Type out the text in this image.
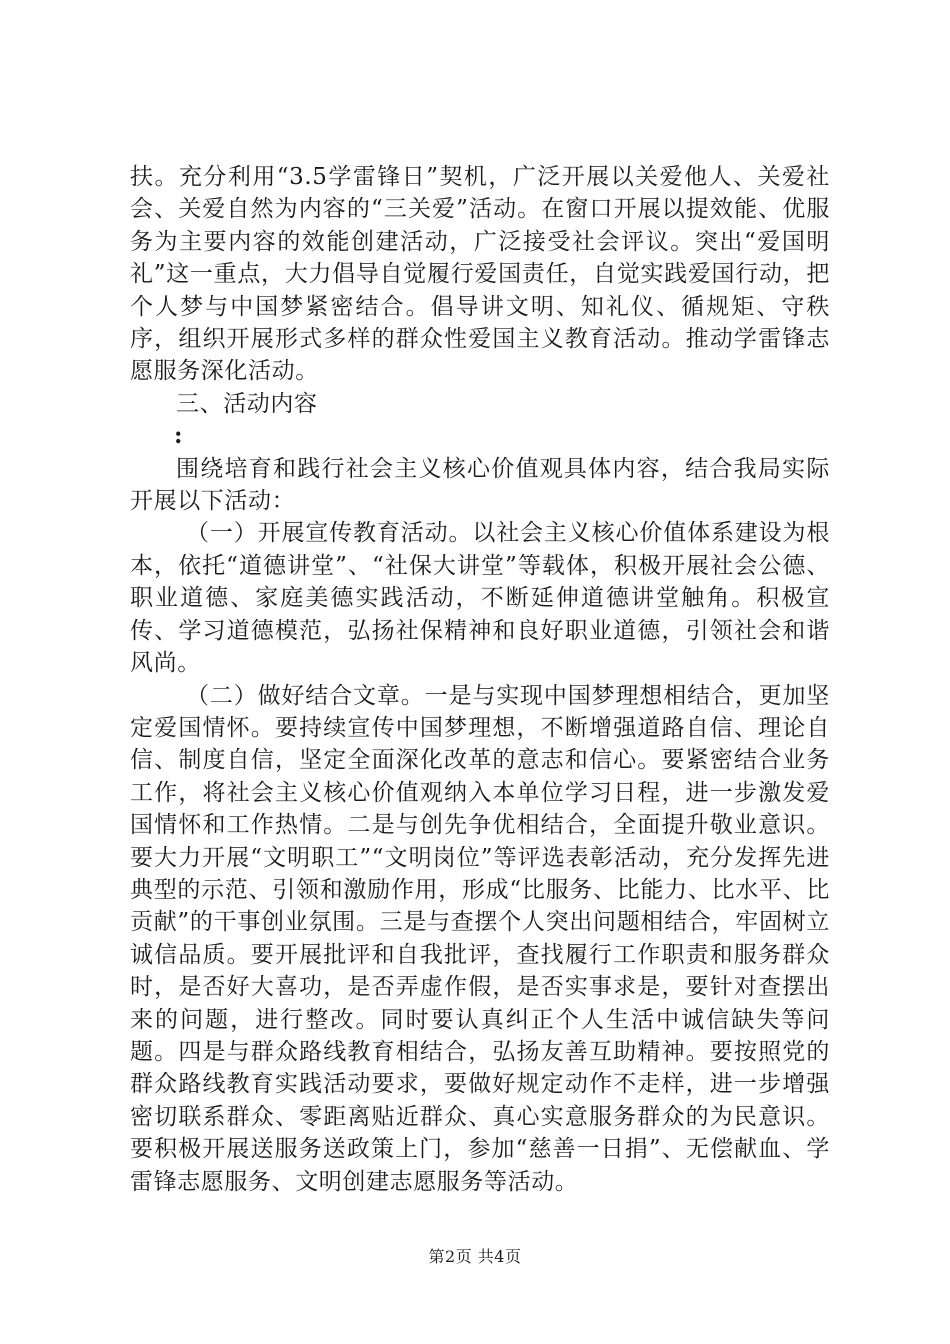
扶。充分利用“3.5学雷锋日”契机，广泛开展以关爱他人、关爱社会、关爱自然为内容的“三关爱”活动。在窗口开展以提效能、优服务为主要内容的效能创建活动，广泛接受社会评议。突出“爱国明礼”这一重点，大力倡导自觉履行爱国责任，自觉实践爱国行动，把个人梦与中国梦紧密结合。倡导讲文明、知礼仪、循规矩、守秩序，组织开展形式多样的群众性爱国主义教育活动。推动学雷锋志愿服务深化活动。

三、活动内容

:

围绕培育和践行社会主义核心价值观具体内容，结合我局实际开展以下活动：

（一）开展宣传教育活动。以社会主义核心价值体系建设为根本，依托“道德讲堂”、“社保大讲堂”等载体，积极开展社会公德、职业道德、家庭美德实践活动，不断延伸道德讲堂触角。积极宣传、学习道德模范，弘扬社保精神和良好职业道德，引领社会和谐风尚。

（二）做好结合文章。一是与实现中国梦理想相结合，更加坚定爱国情怀。要持续宣传中国梦理想，不断增强道路自信、理论自信、制度自信，坚定全面深化改革的意志和信心。要紧密结合业务工作，将社会主义核心价值观纳入本单位学习日程，进一步激发爱国情怀和工作热情。二是与创先争优相结合，全面提升敬业意识。要大力开展“文明职工”“文明岗位”等评选表彰活动，充分发挥先进典型的示范、引领和激励作用，形成“比服务、比能力、比水平、比贡献”的干事创业氛围。三是与查摆个人突出问题相结合，牢固树立诚信品质。要开展批评和自我批评，查找履行工作职责和服务群众时，是否好大喜功，是否弄虚作假，是否实事求是，要针对查摆出来的问题，进行整改。同时要认真纠正个人生活中诚信缺失等问题。四是与群众路线教育相结合，弘扬友善互助精神。要按照党的群众路线教育实践活动要求，要做好规定动作不走样，进一步增强密切联系群众、零距离贴近群众、真心实意服务群众的为民意识。要积极开展送服务送政策上门，参加“慈善一日捐”、无偿献血、学雷锋志愿服务、文明创建志愿服务等活动。

第2页 共4页
